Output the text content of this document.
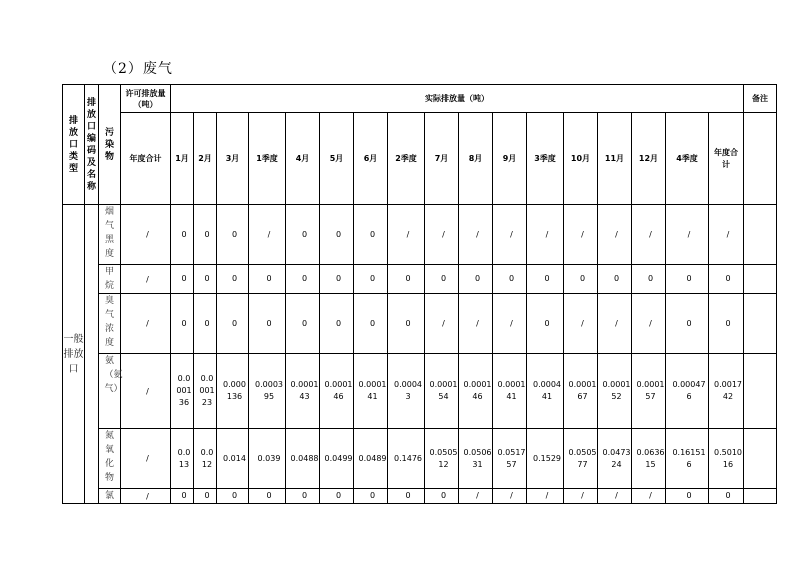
（2）废气
排放口类型	排放口编码及名称	污染物	许可排放量（吨）	实际排放量（吨）																	备注
			年度合计	1月	2月	3月	1季度	4月	5月	6月	2季度	7月	8月	9月	3季度	10月	11月	12月	4季度	年度合计	
一般排放口		烟气黑度	/	0	0	0	/	0	0	0	/	/	/	/	/	/	/	/	/	/	
		甲烷	/	0	0	0	0	0	0	0	0	0	0	0	0	0	0	0	0	0	
		臭气浓度	/	0	0	0	0	0	0	0	0	/	/	/	0	/	/	/	0	0	
		氨（氨气）	/	0.000136	0.000123	0.000136	0.000395	0.000143	0.000146	0.000141	0.00043	0.000154	0.000146	0.000141	0.000441	0.000167	0.000152	0.000157	0.000476	0.001742	
		氮氧化物	/	0.013	0.012	0.014	0.039	0.0488	0.0499	0.0489	0.1476	0.050512	0.050631	0.051757	0.1529	0.050577	0.047324	0.063615	0.161516	0.501016	
		氯	/	0	0	0	0	0	0	0	0	0	/	/	/	/	/	/	0	0	
